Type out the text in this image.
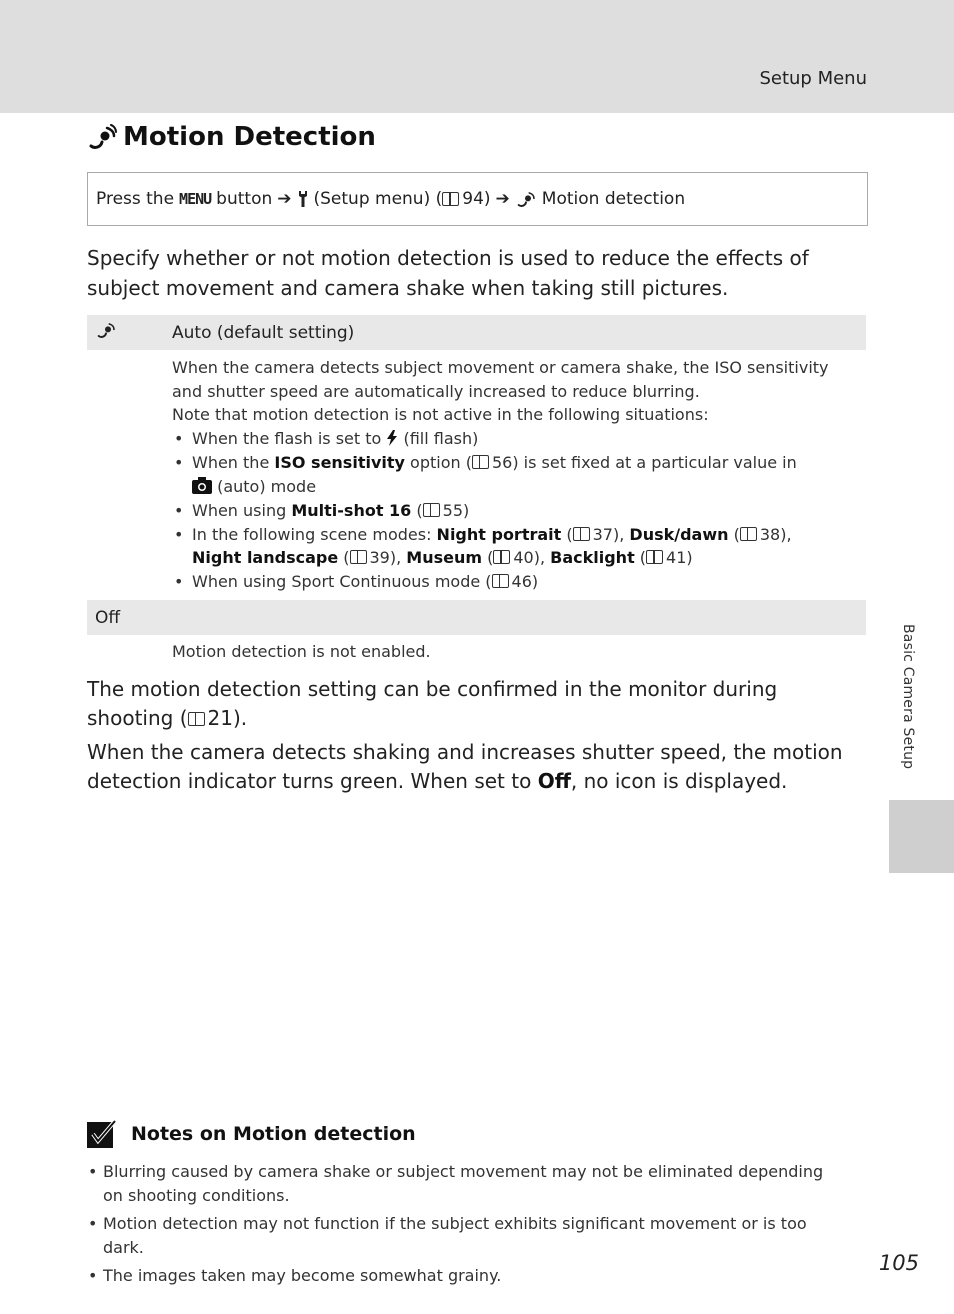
Setup Menu
Motion Detection
Press the MENU button ➔ (Setup menu) ( 94) ➔ Motion detection

Specify whether or not motion detection is used to reduce the effects of subject movement and camera shake when taking still pictures.

Auto (default setting)
When the camera detects subject movement or camera shake, the ISO sensitivity and shutter speed are automatically increased to reduce blurring.
Note that motion detection is not active in the following situations:
• When the flash is set to (fill flash)
• When the ISO sensitivity option ( 56) is set fixed at a particular value in
(auto) mode
• When using Multi-shot 16 ( 55)
• In the following scene modes: Night portrait ( 37), Dusk/dawn ( 38),
Night landscape ( 39), Museum ( 40), Backlight ( 41)
• When using Sport Continuous mode ( 46)
Off
Motion detection is not enabled.

The motion detection setting can be confirmed in the monitor during shooting ( 21).

When the camera detects shaking and increases shutter speed, the motion detection indicator turns green. When set to Off, no icon is displayed.

Notes on Motion detection
• Blurring caused by camera shake or subject movement may not be eliminated depending on shooting conditions.
• Motion detection may not function if the subject exhibits significant movement or is too dark.
• The images taken may become somewhat grainy.
Basic Camera Setup
105
